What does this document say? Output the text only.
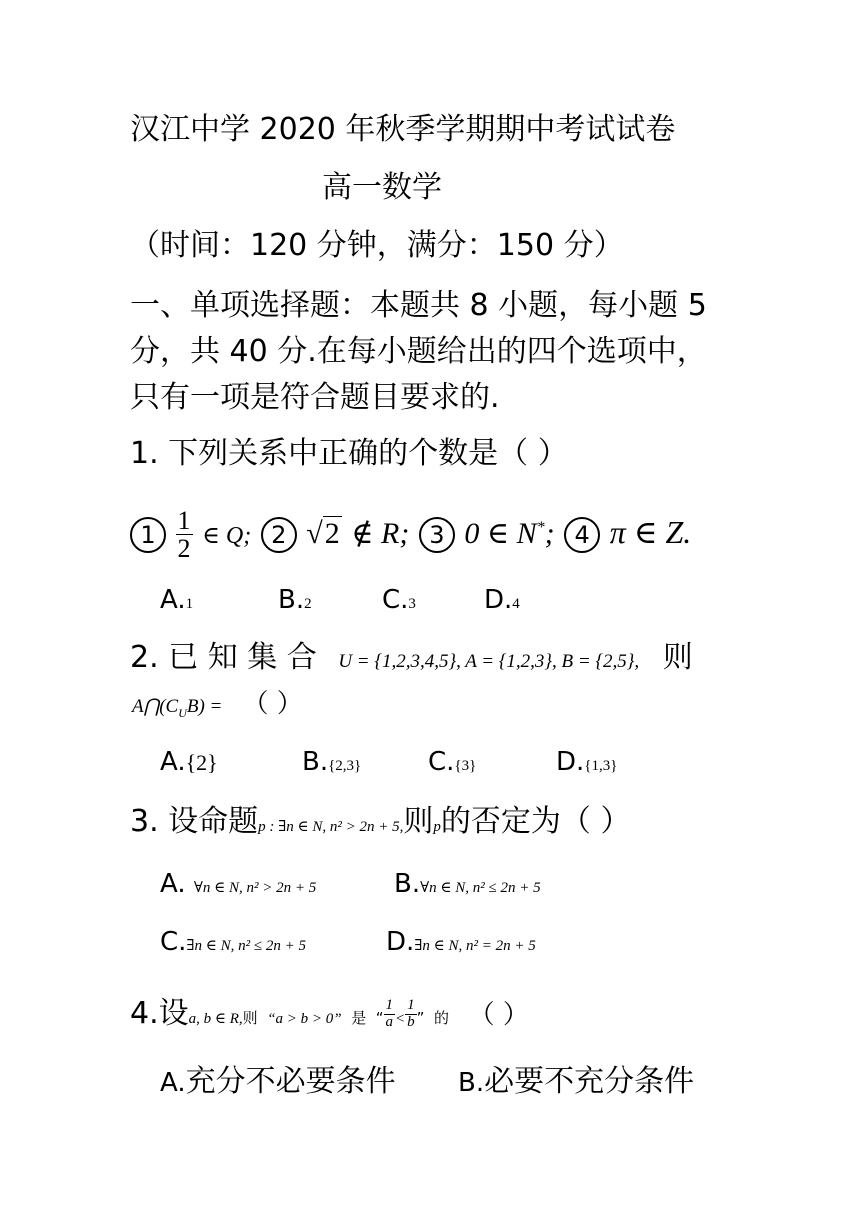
汉江中学 2020 年秋季学期期中考试试卷
高一数学
（时间：120 分钟，满分：150 分）
一、单项选择题：本题共 8 小题，每小题 5
分，共 40 分.在每小题给出的四个选项中，
只有一项是符合题目要求的.
1. 下列关系中正确的个数是（ ）
$1 \frac{1}{2}$ ∈ Q; 2 √2 ∉ R; 3 0 ∈ N*; 4 π ∈ Z.
A.1	B.2	C.3	D.4
2. 已 知 集 合 U = {1,2,3,4,5}, A = {1,2,3}, B = {2,5}, 则
$A⋂(C_UB)$ = （ ）
A.{2}	B.{2,3}	C.{3}	D.{1,3}
3. 设命题p : ∃n ∈ N, n² > 2n + 5,则p的否定为（ ）
A. ∀n ∈ N, n² > 2n + 5	B.∀n ∈ N, n² ≤ 2n + 5
C.∃n ∈ N, n² ≤ 2n + 5	D.∃n ∈ N, n² = 2n + 5
4.设a, b ∈ R,则 “a > b > 0” 是 “ $\frac{1}{a} < \frac{1}{b}$ ” 的 （ ）
A.充分不必要条件 B.必要不充分条件
